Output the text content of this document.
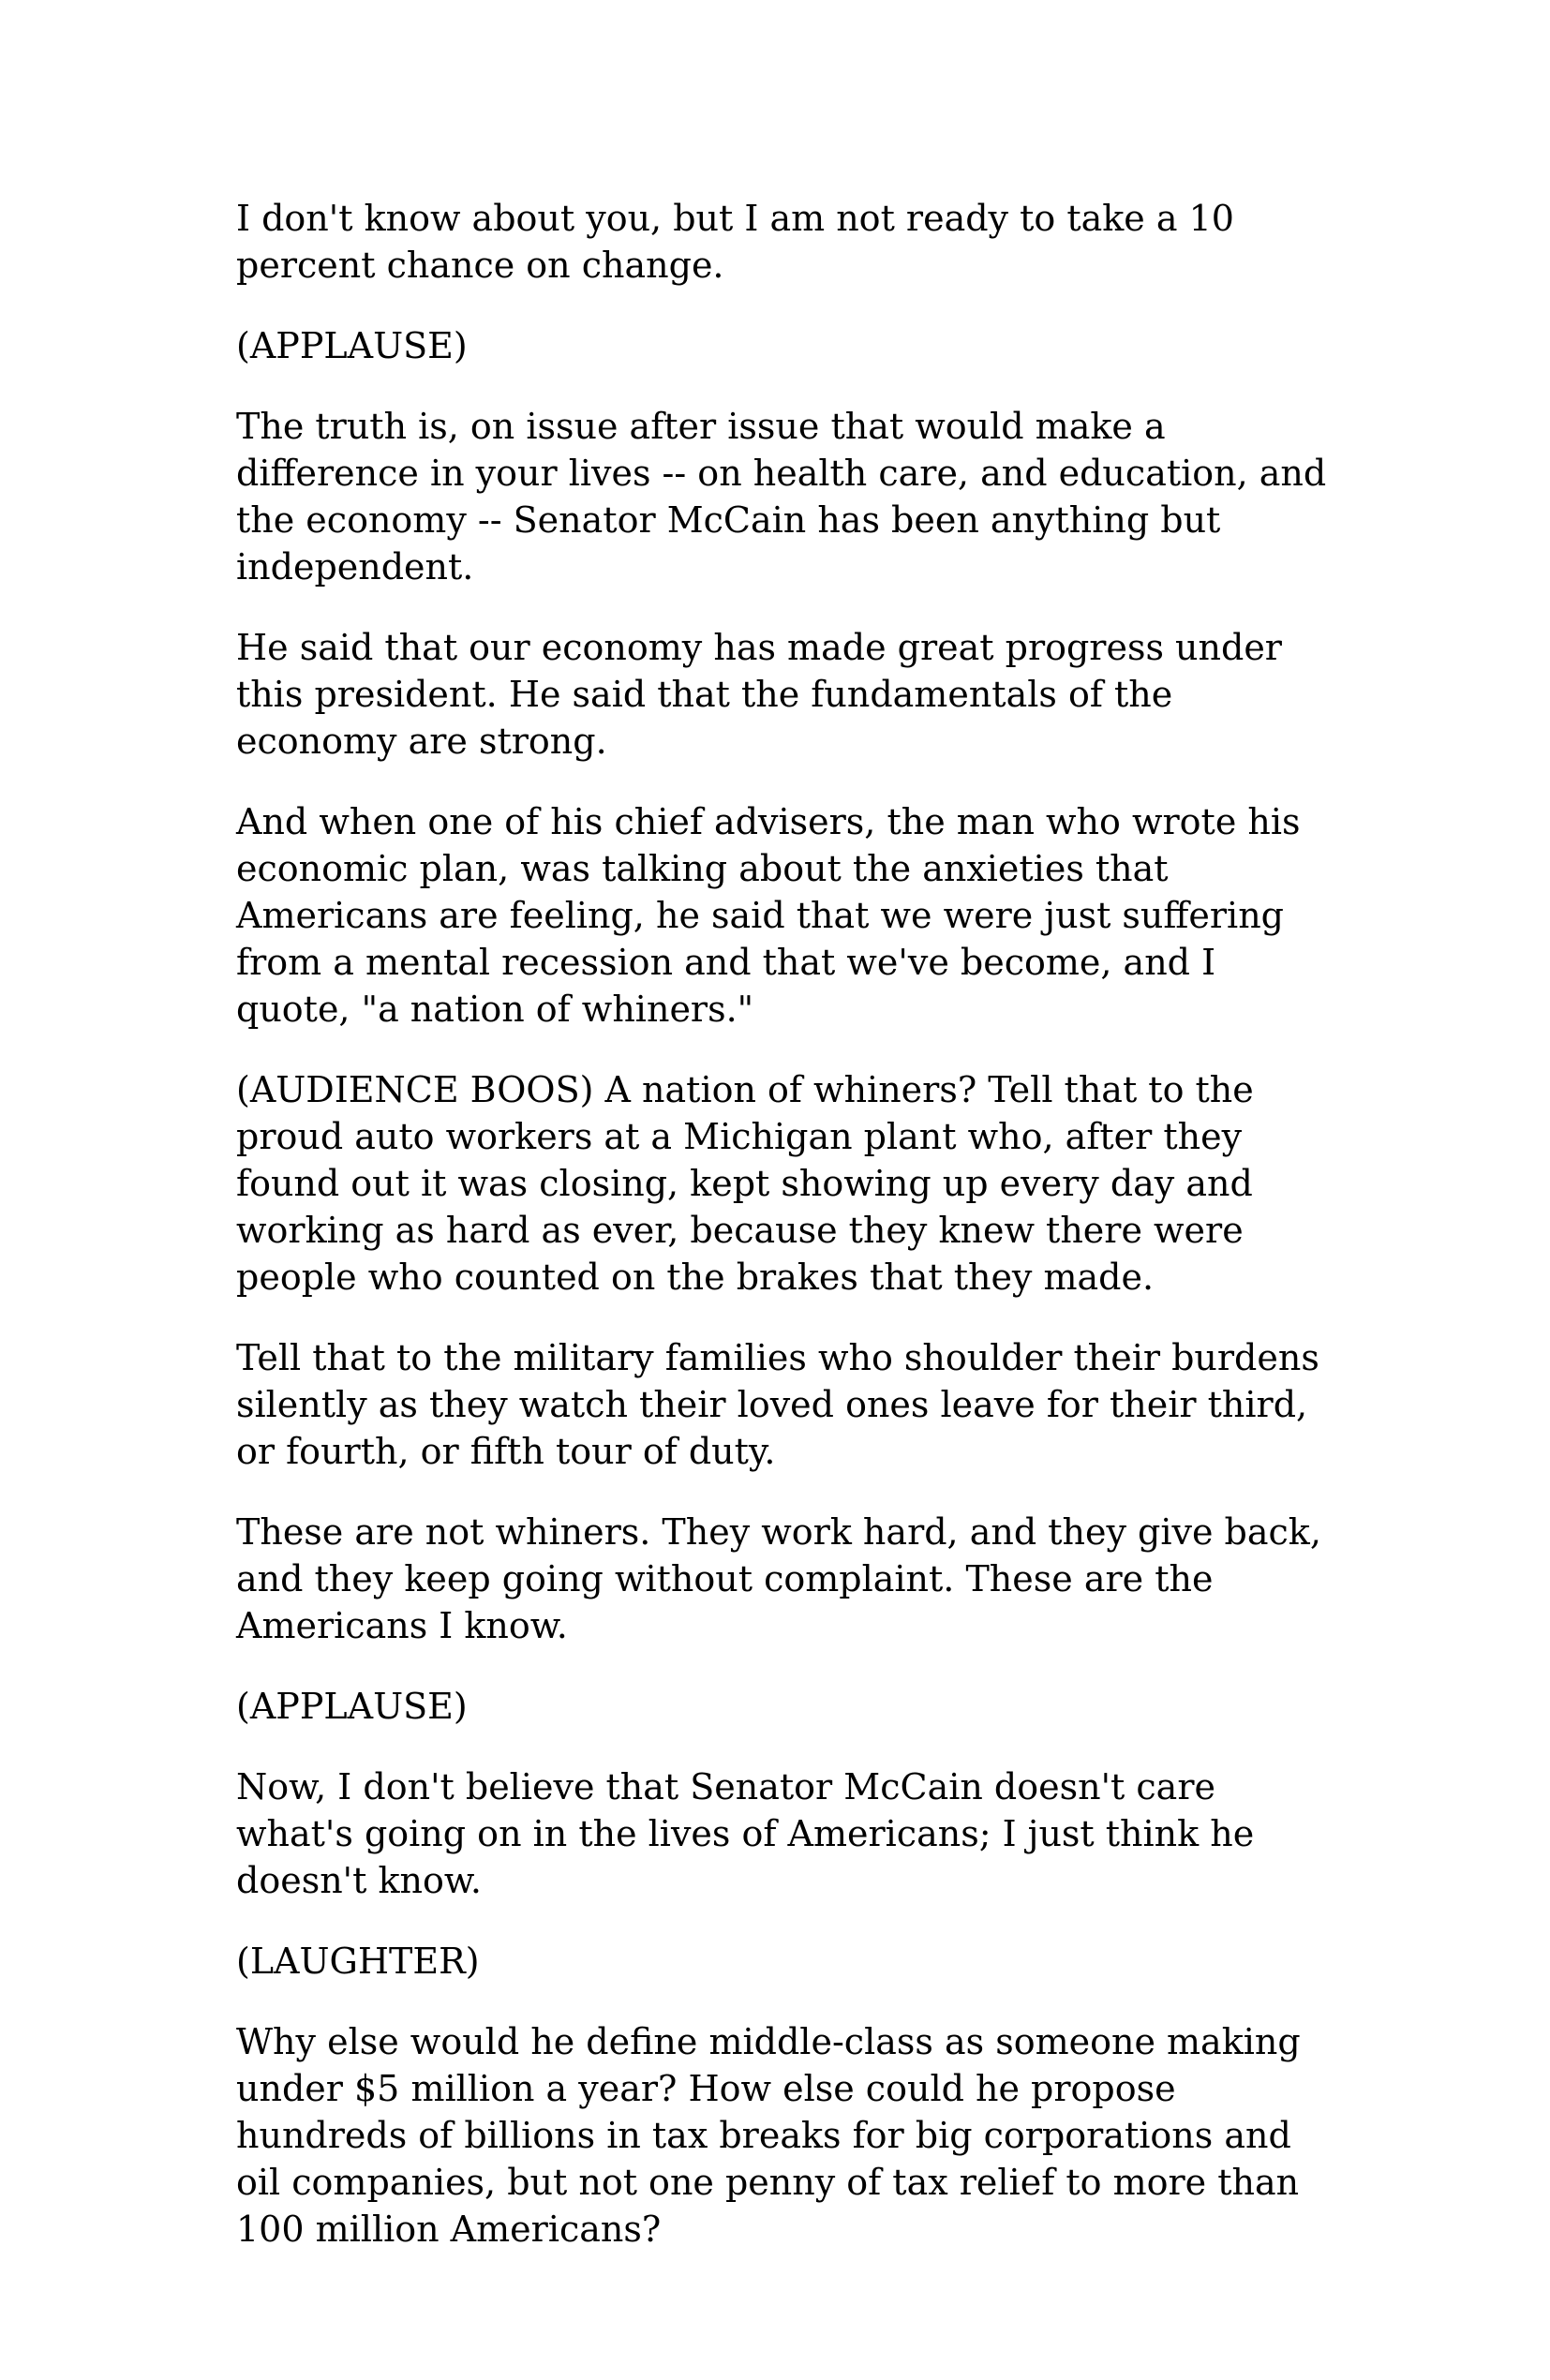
I don't know about you, but I am not ready to take a 10 percent chance on change.

(APPLAUSE)

The truth is, on issue after issue that would make a difference in your lives -- on health care, and education, and the economy -- Senator McCain has been anything but independent.

He said that our economy has made great progress under this president. He said that the fundamentals of the economy are strong.

And when one of his chief advisers, the man who wrote his economic plan, was talking about the anxieties that Americans are feeling, he said that we were just suffering from a mental recession and that we've become, and I quote, "a nation of whiners."

(AUDIENCE BOOS) A nation of whiners? Tell that to the proud auto workers at a Michigan plant who, after they found out it was closing, kept showing up every day and working as hard as ever, because they knew there were people who counted on the brakes that they made.

Tell that to the military families who shoulder their burdens silently as they watch their loved ones leave for their third, or fourth, or fifth tour of duty.

These are not whiners. They work hard, and they give back, and they keep going without complaint. These are the Americans I know.

(APPLAUSE)

Now, I don't believe that Senator McCain doesn't care what's going on in the lives of Americans; I just think he doesn't know.

(LAUGHTER)

Why else would he define middle-class as someone making under $5 million a year? How else could he propose hundreds of billions in tax breaks for big corporations and oil companies, but not one penny of tax relief to more than 100 million Americans?
